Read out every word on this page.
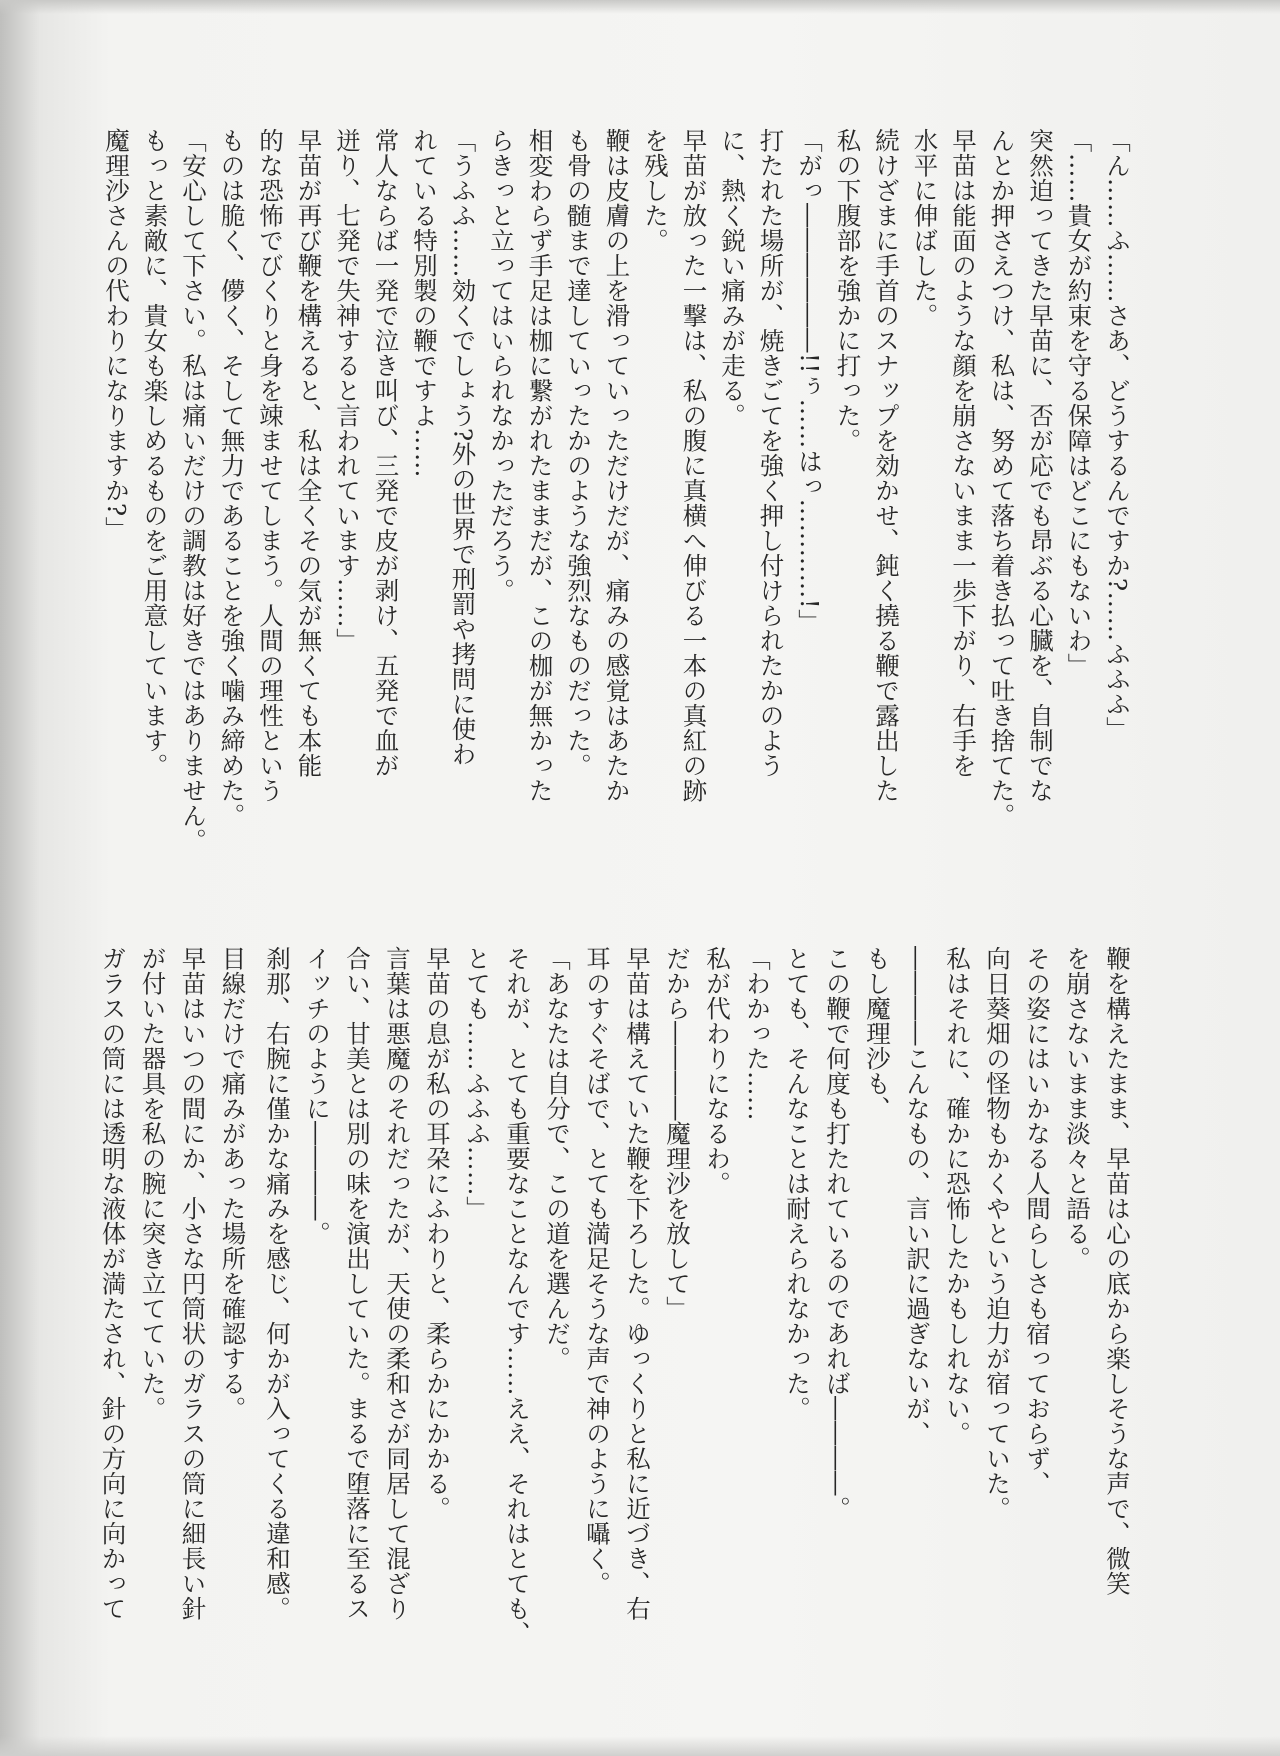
「ん……ふ……さあ、どうするんですか?……ふふふ」
「……貴女が約束を守る保障はどこにもないわ」
突然迫ってきた早苗に、否が応でも昂ぶる心臓を、自制でな
んとか押さえつけ、私は、努めて落ち着き払って吐き捨てた。
早苗は能面のような顔を崩さないまま一歩下がり、右手を
水平に伸ばした。
続けざまに手首のスナップを効かせ、鈍く撓る鞭で露出した
私の下腹部を強かに打った。
「がっ――――――!!ぅ……はっ…………!」
打たれた場所が、焼きごてを強く押し付けられたかのよう
に、熱く鋭い痛みが走る。
早苗が放った一撃は、私の腹に真横へ伸びる一本の真紅の跡
を残した。
鞭は皮膚の上を滑っていっただけだが、痛みの感覚はあたか
も骨の髄まで達していったかのような強烈なものだった。
相変わらず手足は枷に繋がれたままだが、この枷が無かった
らきっと立ってはいられなかっただろう。
「うふふ……効くでしょう?外の世界で刑罰や拷問に使わ
れている特別製の鞭ですよ……
常人ならば一発で泣き叫び、三発で皮が剥け、五発で血が
迸り、七発で失神すると言われています……」
早苗が再び鞭を構えると、私は全くその気が無くても本能
的な恐怖でびくりと身を竦ませてしまう。人間の理性という
ものは脆く、儚く、そして無力であることを強く噛み締めた。
「安心して下さい。私は痛いだけの調教は好きではありません。
もっと素敵に、貴女も楽しめるものをご用意しています。
魔理沙さんの代わりになりますか?」
鞭を構えたまま、早苗は心の底から楽しそうな声で、微笑
を崩さないまま淡々と語る。
その姿にはいかなる人間らしさも宿っておらず、
向日葵畑の怪物もかくやという迫力が宿っていた。
私はそれに、確かに恐怖したかもしれない。
――――こんなもの、言い訳に過ぎないが、
もし魔理沙も、
この鞭で何度も打たれているのであれば――――。
とても、そんなことは耐えられなかった。
「わかった……
私が代わりになるわ。
だから――――魔理沙を放して」
早苗は構えていた鞭を下ろした。ゆっくりと私に近づき、右
耳のすぐそばで、とても満足そうな声で神のように囁く。
「あなたは自分で、この道を選んだ。
それが、とても重要なことなんです……ええ、それはとても、
とても……ふふふ……」
早苗の息が私の耳朶にふわりと、柔らかにかかる。
言葉は悪魔のそれだったが、天使の柔和さが同居して混ざり
合い、甘美とは別の味を演出していた。まるで堕落に至るス
イッチのように――――。
刹那、右腕に僅かな痛みを感じ、何かが入ってくる違和感。
目線だけで痛みがあった場所を確認する。
早苗はいつの間にか、小さな円筒状のガラスの筒に細長い針
が付いた器具を私の腕に突き立てていた。
ガラスの筒には透明な液体が満たされ、針の方向に向かって
